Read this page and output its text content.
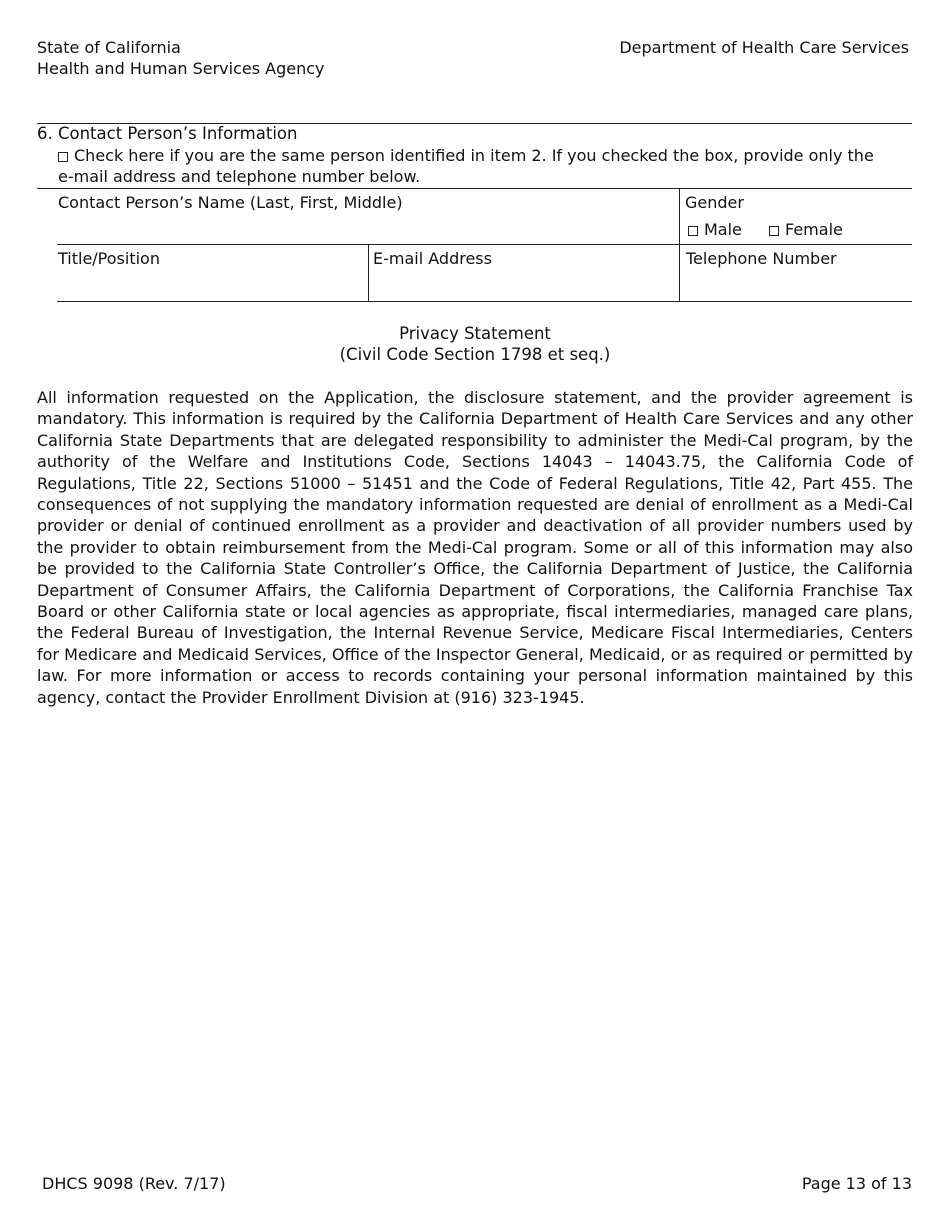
State of California
Health and Human Services Agency
Department of Health Care Services
6. Contact Person’s Information
Check here if you are the same person identified in item 2. If you checked the box, provide only the
e-mail address and telephone number below.
Contact Person’s Name (Last, First, Middle)	Gender
Male	Female
Title/Position	E-mail Address	Telephone Number
Privacy Statement
(Civil Code Section 1798 et seq.)
All information requested on the Application, the disclosure statement, and the provider agreement is mandatory. This information is required by the California Department of Health Care Services and any other California State Departments that are delegated responsibility to administer the Medi-Cal program, by the authority of the Welfare and Institutions Code, Sections 14043 – 14043.75, the California Code of Regulations, Title 22, Sections 51000 – 51451 and the Code of Federal Regulations, Title 42, Part 455. The consequences of not supplying the mandatory information requested are denial of enrollment as a Medi-Cal provider or denial of continued enrollment as a provider and deactivation of all provider numbers used by the provider to obtain reimbursement from the Medi-Cal program. Some or all of this information may also be provided to the California State Controller’s Office, the California Department of Justice, the California Department of Consumer Affairs, the California Department of Corporations, the California Franchise Tax Board or other California state or local agencies as appropriate, fiscal intermediaries, managed care plans, the Federal Bureau of Investigation, the Internal Revenue Service, Medicare Fiscal Intermediaries, Centers for Medicare and Medicaid Services, Office of the Inspector General, Medicaid, or as required or permitted by law. For more information or access to records containing your personal information maintained by this agency, contact the Provider Enrollment Division at (916) 323-1945.
DHCS 9098 (Rev. 7/17)	Page 13 of 13
